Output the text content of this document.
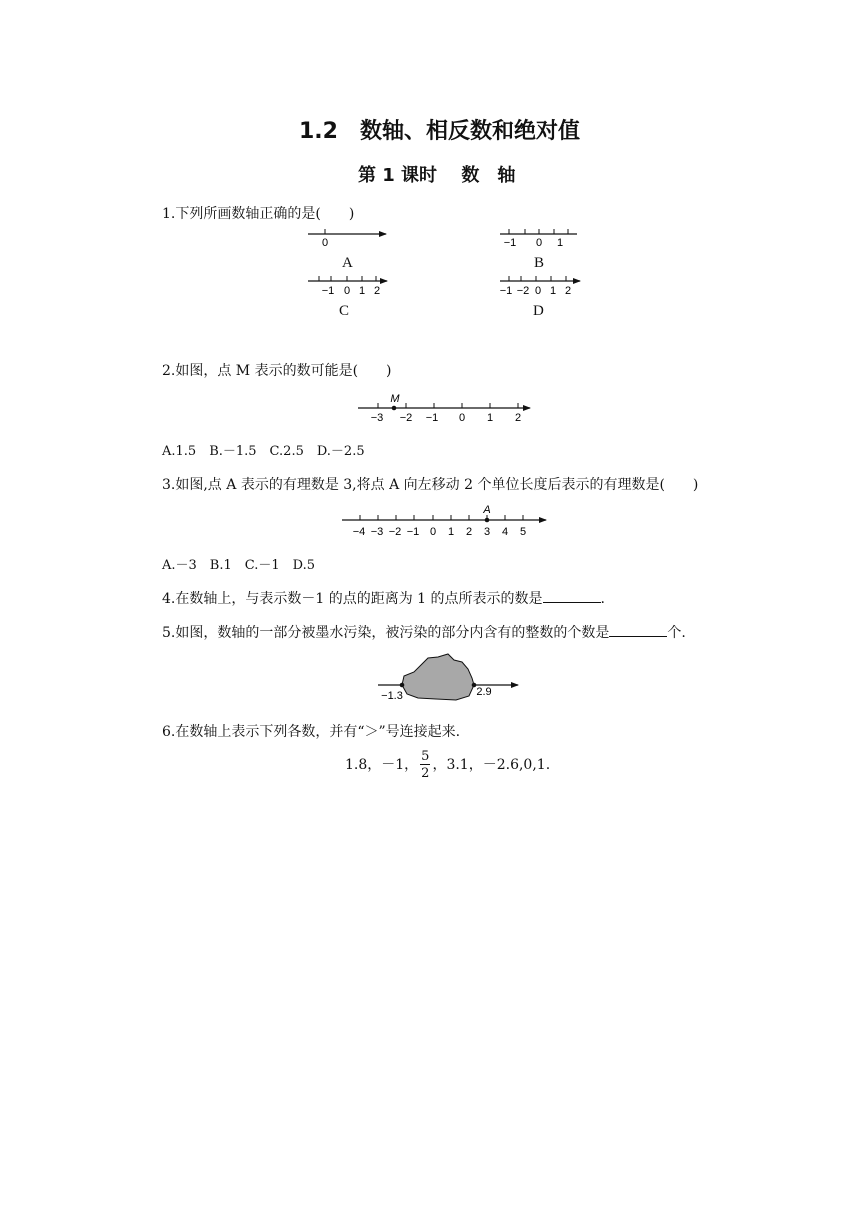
1.2　数轴、相反数和绝对值
第 1 课时　 数　轴
1.下列所画数轴正确的是(　　)
0	−1 0 1
−1 0 1 2	−1 −2 0 1 2
A	B
C	D
2.如图，点 M 表示的数可能是(　　)
M
−3 −2 −1 0 1 2
A.1.5　B.－1.5　C.2.5　D.－2.5
3.如图,点 A 表示的有理数是 3,将点 A 向左移动 2 个单位长度后表示的有理数是(　　)
A
−4 −3 −2 −1 0 1 2 3 4 5
A.－3　B.1　C.－1　D.5
4.在数轴上，与表示数－1 的点的距离为 1 的点所表示的数是	.
5.如图，数轴的一部分被墨水污染，被污染的部分内含有的整数的个数是	个.
−1.3	2.9
6.在数轴上表示下列各数，并有“＞”号连接起来.
1.8，－1， $\frac{5}{2}$ ，3.1，－2.6,0,1.
